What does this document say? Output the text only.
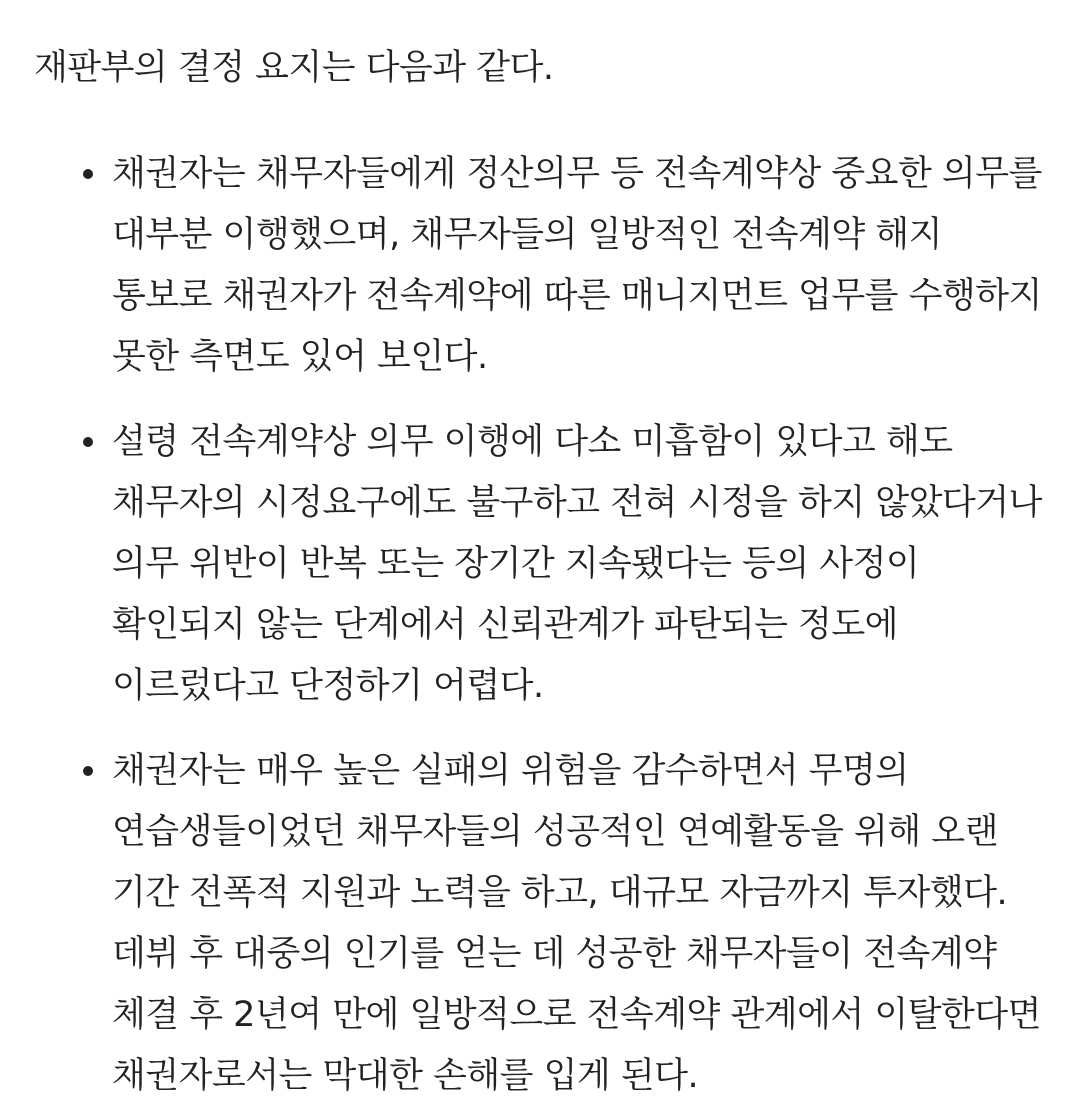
재판부의 결정 요지는 다음과 같다.

채권자는 채무자들에게 정산의무 등 전속계약상 중요한 의무를 대부분 이행했으며, 채무자들의 일방적인 전속계약 해지 통보로 채권자가 전속계약에 따른 매니지먼트 업무를 수행하지 못한 측면도 있어 보인다.
설령 전속계약상 의무 이행에 다소 미흡함이 있다고 해도 채무자의 시정요구에도 불구하고 전혀 시정을 하지 않았다거나 의무 위반이 반복 또는 장기간 지속됐다는 등의 사정이 확인되지 않는 단계에서 신뢰관계가 파탄되는 정도에 이르렀다고 단정하기 어렵다.
채권자는 매우 높은 실패의 위험을 감수하면서 무명의 연습생들이었던 채무자들의 성공적인 연예활동을 위해 오랜 기간 전폭적 지원과 노력을 하고, 대규모 자금까지 투자했다. 데뷔 후 대중의 인기를 얻는 데 성공한 채무자들이 전속계약 체결 후 2년여 만에 일방적으로 전속계약 관계에서 이탈한다면 채권자로서는 막대한 손해를 입게 된다.
